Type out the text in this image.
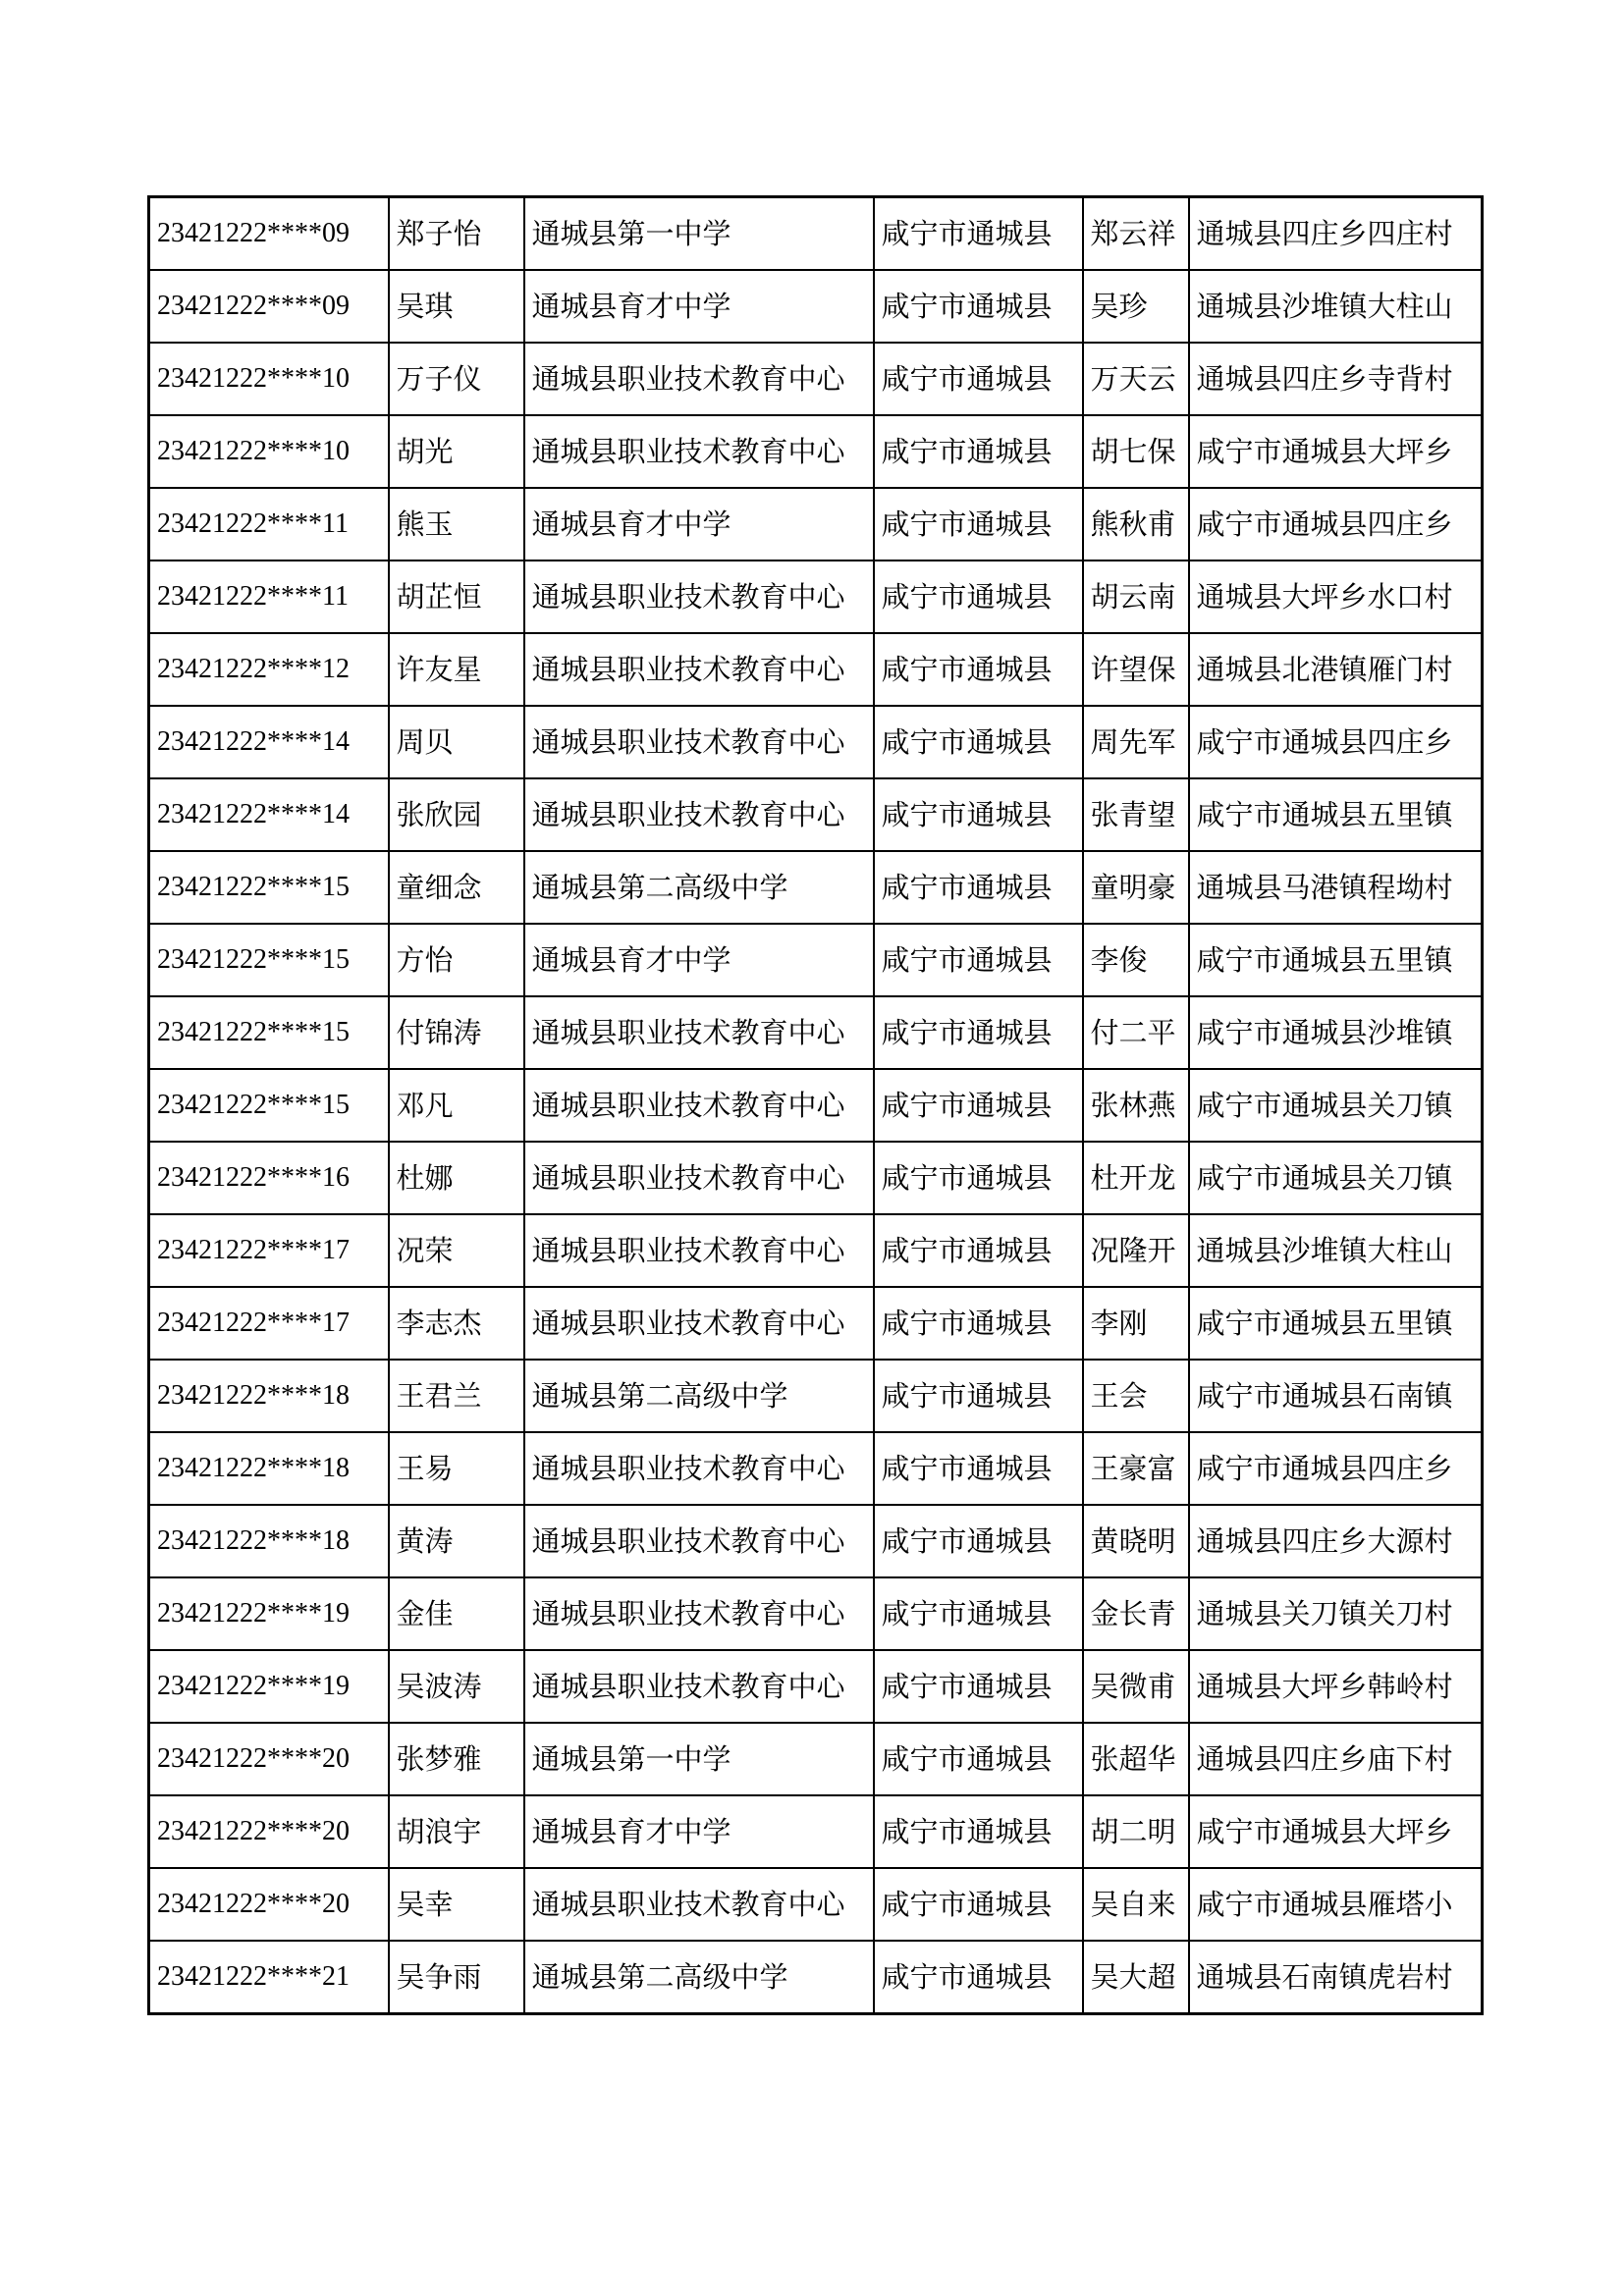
23421222****09	郑子怡	通城县第一中学	咸宁市通城县	郑云祥	通城县四庄乡四庄村
23421222****09	吴琪	通城县育才中学	咸宁市通城县	吴珍	通城县沙堆镇大柱山
23421222****10	万子仪	通城县职业技术教育中心	咸宁市通城县	万天云	通城县四庄乡寺背村
23421222****10	胡光	通城县职业技术教育中心	咸宁市通城县	胡七保	咸宁市通城县大坪乡
23421222****11	熊玉	通城县育才中学	咸宁市通城县	熊秋甫	咸宁市通城县四庄乡
23421222****11	胡芷恒	通城县职业技术教育中心	咸宁市通城县	胡云南	通城县大坪乡水口村
23421222****12	许友星	通城县职业技术教育中心	咸宁市通城县	许望保	通城县北港镇雁门村
23421222****14	周贝	通城县职业技术教育中心	咸宁市通城县	周先军	咸宁市通城县四庄乡
23421222****14	张欣园	通城县职业技术教育中心	咸宁市通城县	张青望	咸宁市通城县五里镇
23421222****15	童细念	通城县第二高级中学	咸宁市通城县	童明豪	通城县马港镇程坳村
23421222****15	方怡	通城县育才中学	咸宁市通城县	李俊	咸宁市通城县五里镇
23421222****15	付锦涛	通城县职业技术教育中心	咸宁市通城县	付二平	咸宁市通城县沙堆镇
23421222****15	邓凡	通城县职业技术教育中心	咸宁市通城县	张林燕	咸宁市通城县关刀镇
23421222****16	杜娜	通城县职业技术教育中心	咸宁市通城县	杜开龙	咸宁市通城县关刀镇
23421222****17	况荣	通城县职业技术教育中心	咸宁市通城县	况隆开	通城县沙堆镇大柱山
23421222****17	李志杰	通城县职业技术教育中心	咸宁市通城县	李刚	咸宁市通城县五里镇
23421222****18	王君兰	通城县第二高级中学	咸宁市通城县	王会	咸宁市通城县石南镇
23421222****18	王易	通城县职业技术教育中心	咸宁市通城县	王豪富	咸宁市通城县四庄乡
23421222****18	黄涛	通城县职业技术教育中心	咸宁市通城县	黄晓明	通城县四庄乡大源村
23421222****19	金佳	通城县职业技术教育中心	咸宁市通城县	金长青	通城县关刀镇关刀村
23421222****19	吴波涛	通城县职业技术教育中心	咸宁市通城县	吴微甫	通城县大坪乡韩岭村
23421222****20	张梦雅	通城县第一中学	咸宁市通城县	张超华	通城县四庄乡庙下村
23421222****20	胡浪宇	通城县育才中学	咸宁市通城县	胡二明	咸宁市通城县大坪乡
23421222****20	吴幸	通城县职业技术教育中心	咸宁市通城县	吴自来	咸宁市通城县雁塔小
23421222****21	吴争雨	通城县第二高级中学	咸宁市通城县	吴大超	通城县石南镇虎岩村
